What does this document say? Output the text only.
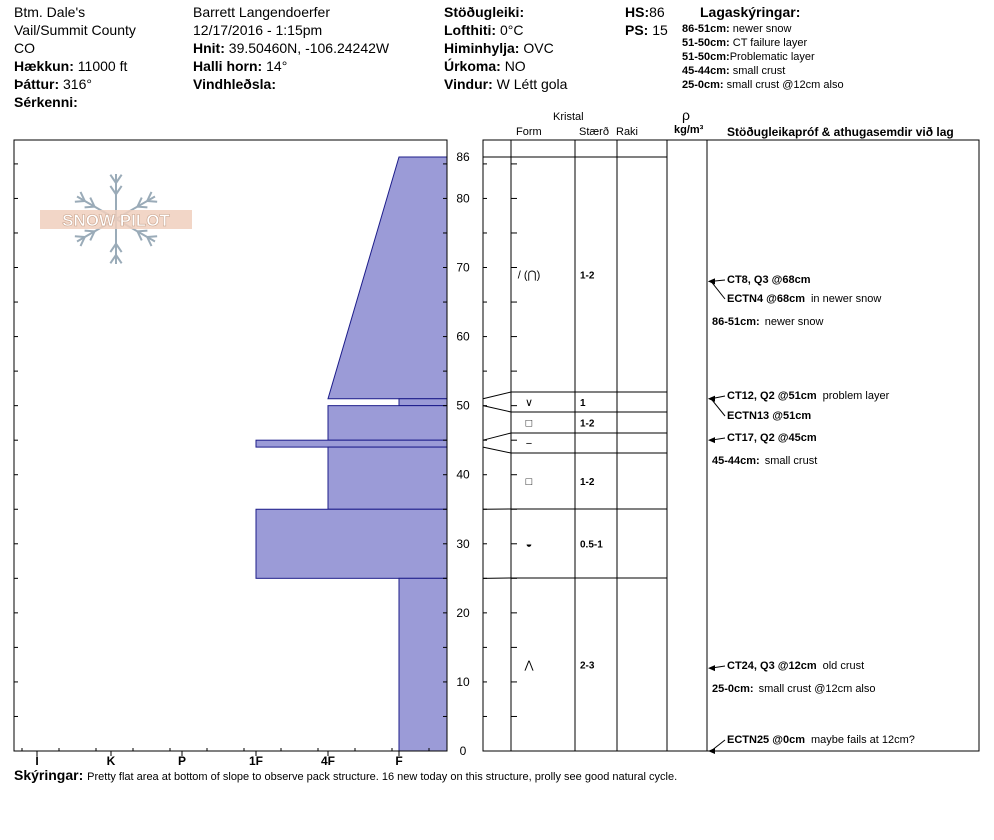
Btm. Dale's
Vail/Summit County
CO
Hækkun: 11000 ft
Þáttur: 316°
Sérkenni:
Barrett Langendoerfer
12/17/2016 - 1:15pm
Hnit: 39.50460N, -106.24242W
Halli horn: 14°
Vindhleðsla:
Stöðugleiki:
Lofthiti: 0°C
Himinhylja: OVC
Úrkoma: NO
Vindur: W Létt gola
HS:86
PS: 15
Lagaskýringar:
86-51cm: newer snow
51-50cm: CT failure layer
51-50cm:Problematic layer
45-44cm: small crust
25-0cm: small crust @12cm also
Kristal
Form	Stærð Raki
ρ
kg/m³ Stöðugleikapróf & athugasemdir við lag
SNOW PILOT
0
10
20
30
40
50
60
70
80
86
I	K	P	1F	4F	F
/ (⋂)	1-2
∨	1
□	1-2
−
□	1-2
◒	0.5-1
⋀	2-3
CT8, Q3 @68cm
ECTN4 @68cm in newer snow
CT12, Q2 @51cm problem layer
ECTN13 @51cm
CT17, Q2 @45cm
CT24, Q3 @12cm old crust
ECTN25 @0cm maybe fails at 12cm?
86-51cm: newer snow
45-44cm: small crust
25-0cm: small crust @12cm also
Skýringar: Pretty flat area at bottom of slope to observe pack structure. 16 new today on this structure, prolly see good natural cycle.
